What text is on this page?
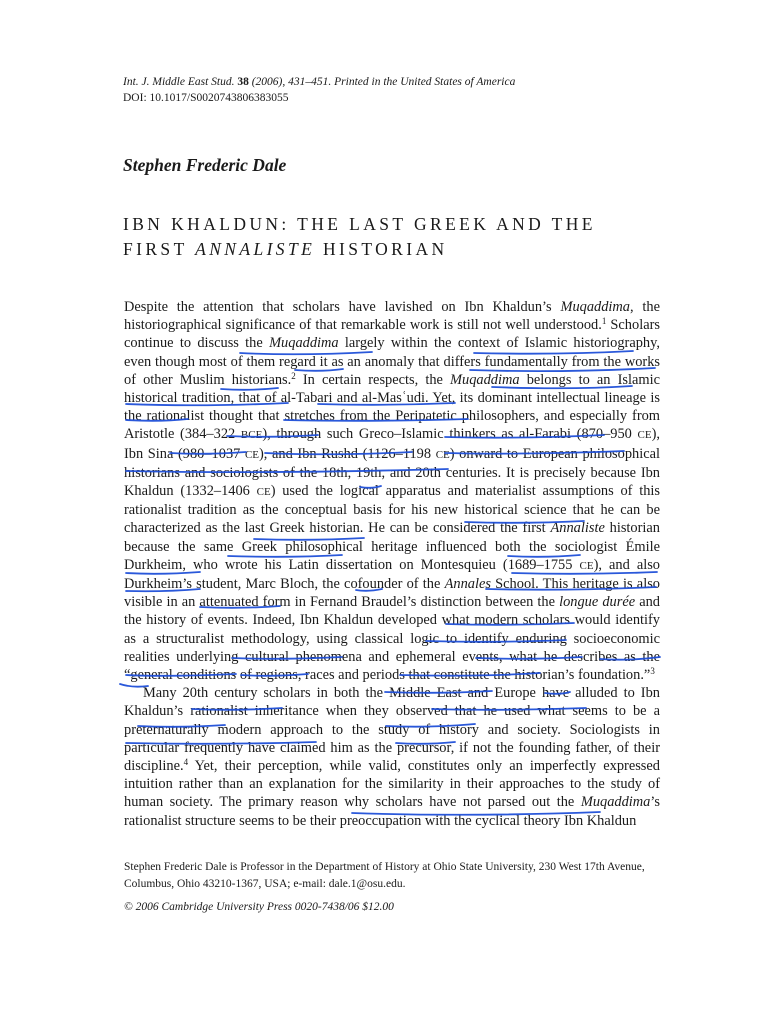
Int. J. Middle East Stud. 38 (2006), 431–451. Printed in the United States of America
DOI: 10.1017/S0020743806383055
Stephen Frederic Dale
IBN KHALDUN: THE LAST GREEK AND THE
FIRST ANNALISTE HISTORIAN

Despite the attention that scholars have lavished on Ibn Khaldun’s Muqaddima, the historiographical significance of that remarkable work is still not well understood.$^1$ Scholars continue to discuss the Muqaddima largely within the context of Islamic historiography, even though most of them regard it as an anomaly that differs fundamentally from the works of other Muslim historians.$^2$ In certain respects, the Muqaddima belongs to an Islamic historical tradition, that of al-Tabari and al-Masʿudi. Yet, its dominant intellectual lineage is the rationalist thought that stretches from the Peripatetic philosophers, and especially from Aristotle (384–322 BCE), through such Greco–Islamic thinkers as al-Farabi (870–950 CE), Ibn Sina (980–1037 CE), and Ibn Rushd (1126–1198 CE) onward to European philosophical historians and sociologists of the 18th, 19th, and 20th centuries. It is precisely because Ibn Khaldun (1332–1406 CE) used the logical apparatus and materialist assumptions of this rationalist tradition as the conceptual basis for his new historical science that he can be characterized as the last Greek historian. He can be considered the first Annaliste historian because the same Greek philosophical heritage influenced both the sociologist Émile Durkheim, who wrote his Latin dissertation on Montesquieu (1689–1755 CE), and also Durkheim’s student, Marc Bloch, the cofounder of the Annales School. This heritage is also visible in an attenuated form in Fernand Braudel’s distinction between the longue durée and the history of events. Indeed, Ibn Khaldun developed what modern scholars would identify as a structuralist methodology, using classical logic to identify enduring socioeconomic realities underlying cultural phenomena and ephemeral events, what he describes as the “general conditions of regions, races and periods that constitute the historian’s foundation.”$^3$

Many 20th century scholars in both the Middle East and Europe have alluded to Ibn Khaldun’s rationalist inheritance when they observed that he used what seems to be a preternaturally modern approach to the study of history and society. Sociologists in particular frequently have claimed him as the precursor, if not the founding father, of their discipline.$^4$ Yet, their perception, while valid, constitutes only an imperfectly expressed intuition rather than an explanation for the similarity in their approaches to the study of human society. The primary reason why scholars have not parsed out the Muqaddima’s rationalist structure seems to be their preoccupation with the cyclical theory Ibn Khaldun

Stephen Frederic Dale is Professor in the Department of History at Ohio State University, 230 West 17th Avenue, Columbus, Ohio 43210-1367, USA; e-mail: dale.1@osu.edu.
© 2006 Cambridge University Press 0020-7438/06 $12.00
